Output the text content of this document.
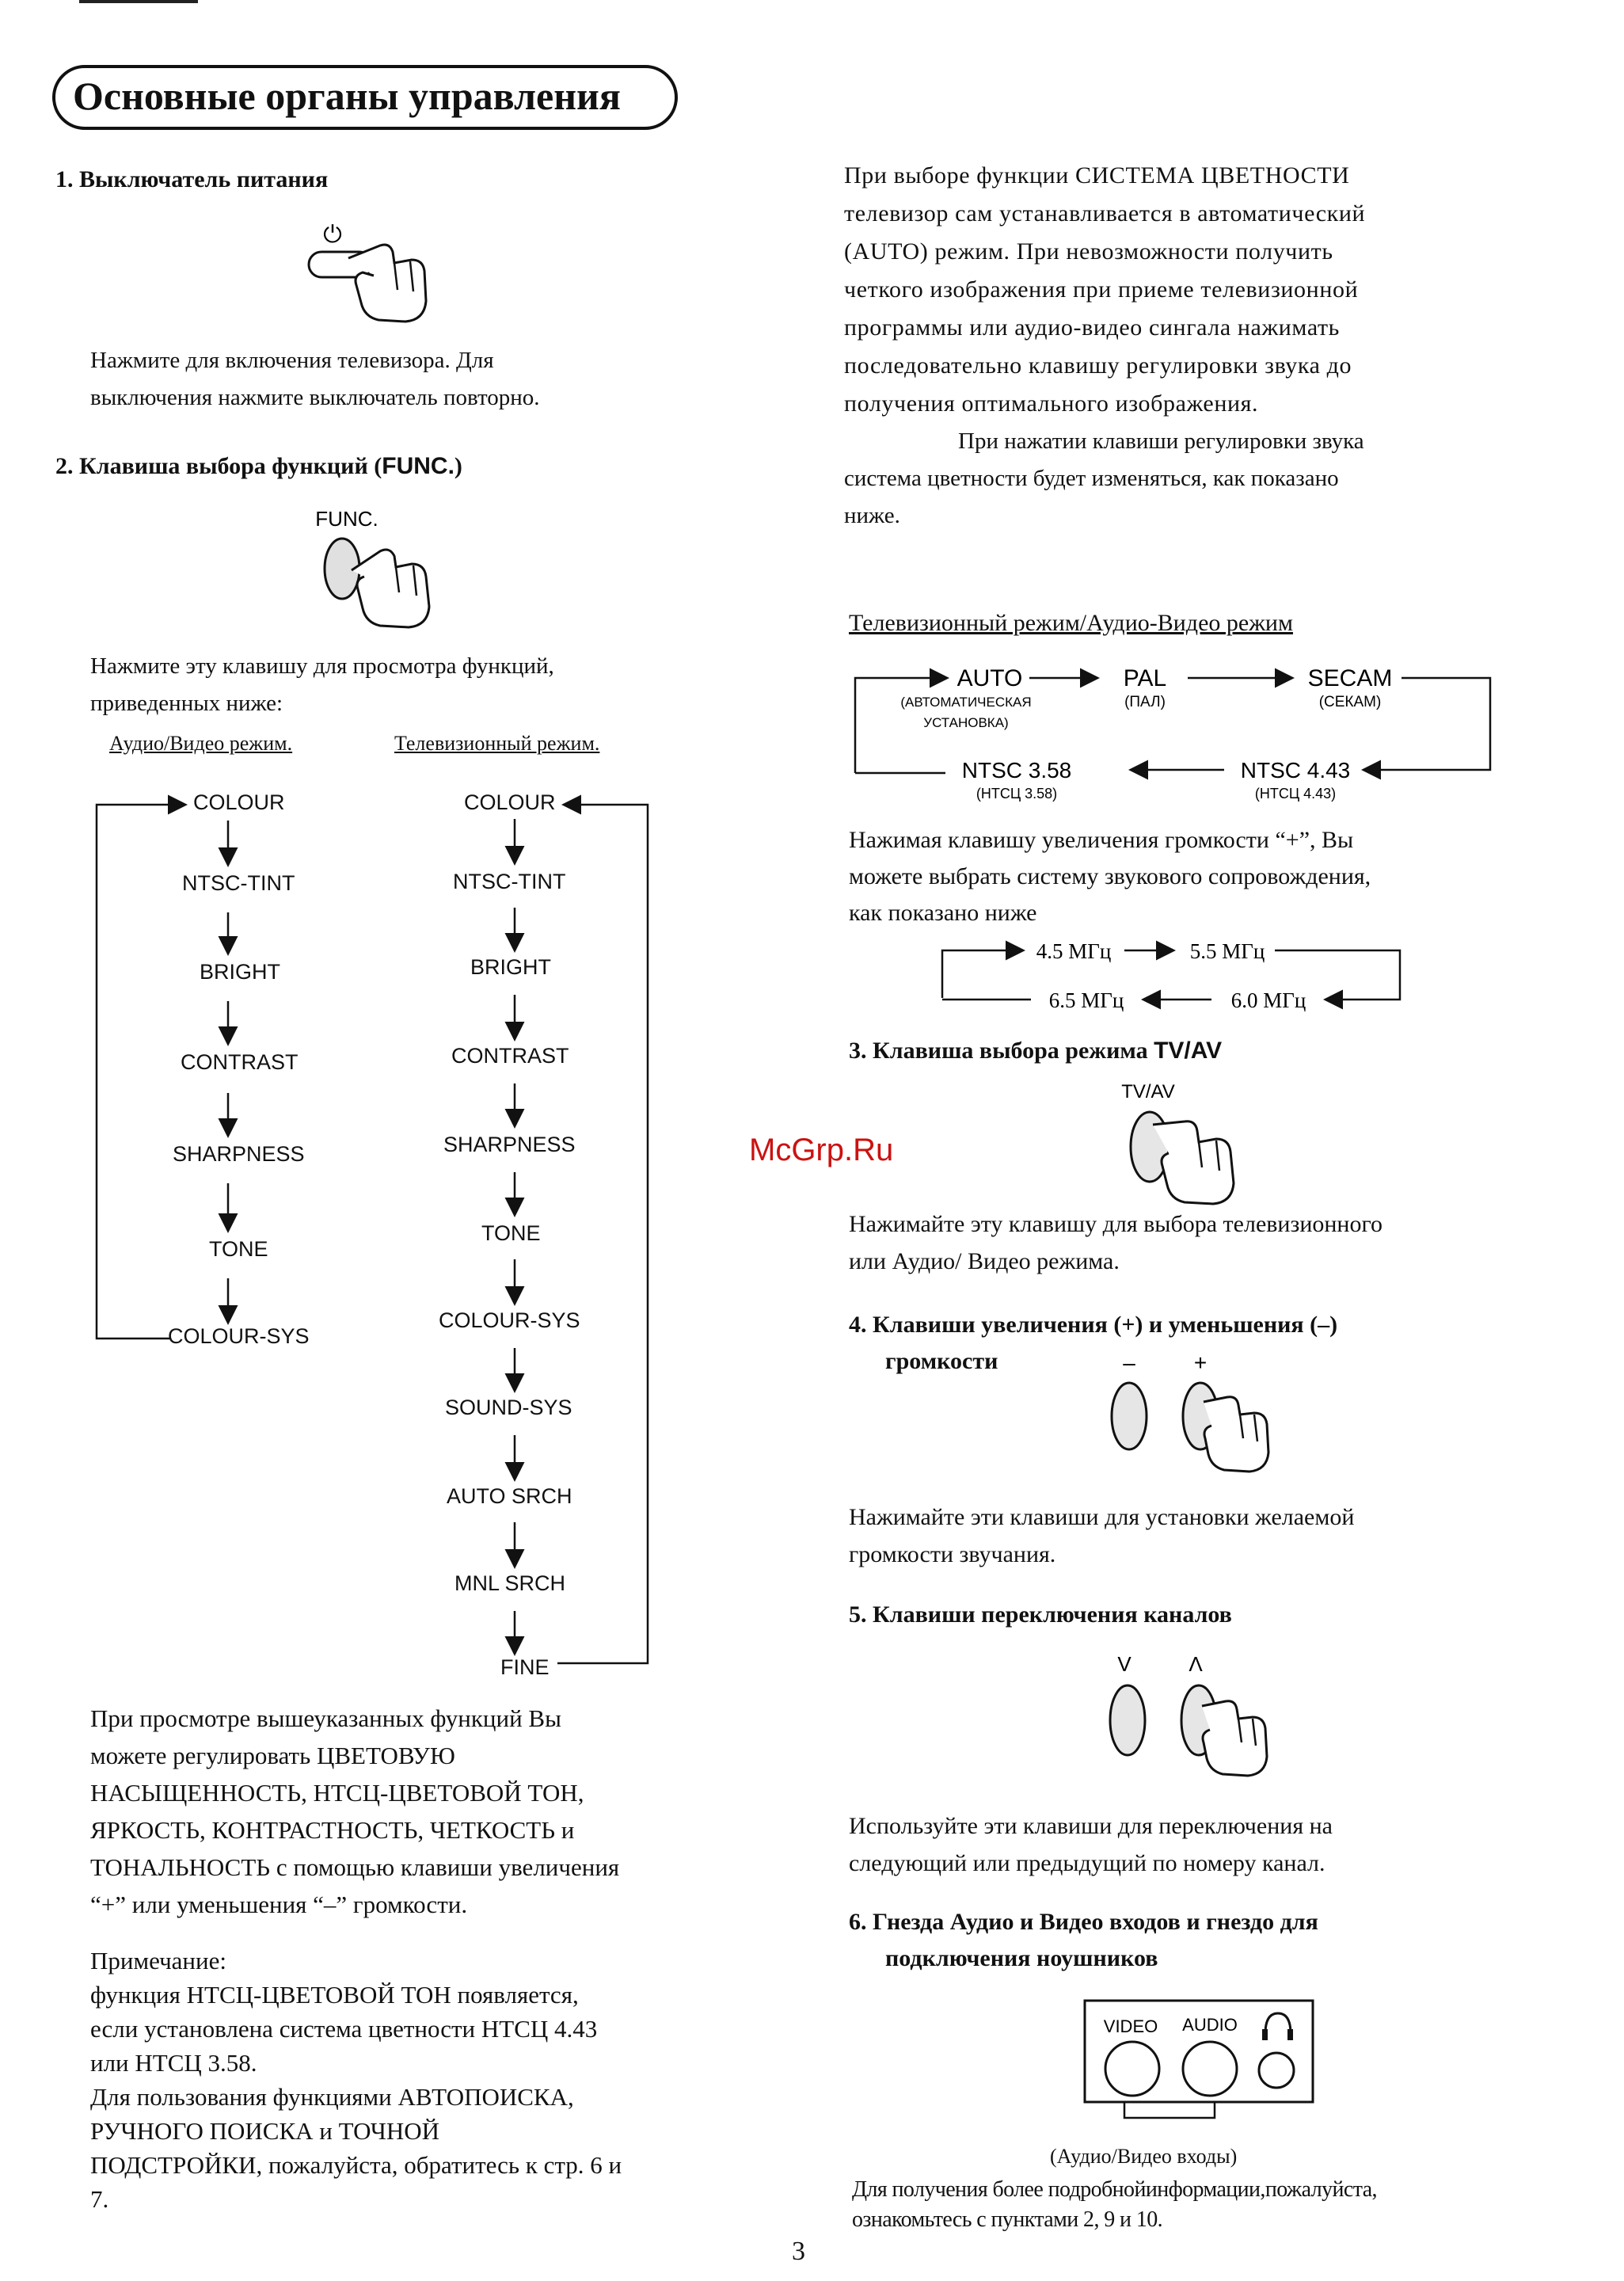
Основные органы управления
1. Выключатель питания
⏻
Нажмите для включения телевизора. Для
выключения нажмите выключатель повторно.
2. Клавиша выбора функций (FUNC.)
FUNC.
Нажмите эту клавишу для просмотра функций,
приведенных ниже:
Аудио/Видео режим.	Телевизионный режим.
COLOUR
NTSC-TINT
BRIGHT
CONTRAST
SHARPNESS
TONE
COLOUR-SYS
COLOUR
NTSC-TINT
BRIGHT
CONTRAST
SHARPNESS
TONE
COLOUR-SYS
SOUND-SYS
AUTO SRCH
MNL SRCH
FINE
При просмотре вышеуказанных функций Вы
можете регулировать ЦВЕТОВУЮ
НАСЫЩЕННОСТЬ, НТСЦ-ЦВЕТОВОЙ ТОН,
ЯРКОСТЬ, КОНТРАСТНОСТЬ, ЧЕТКОСТЬ и
ТОНАЛЬНОСТЬ с помощью клавиши увеличения
“+” или уменьшения “–” громкости.
Примечание:
функция НТСЦ-ЦВЕТОВОЙ ТОН появляется,
если установлена система цветности НТСЦ 4.43
или НТСЦ 3.58.
Для пользования функциями АВТОПОИСКА,
РУЧНОГО ПОИСКА и ТОЧНОЙ
ПОДСТРОЙКИ, пожалуйста, обратитесь к стр. 6 и
7.
При выборе функции СИСТЕМА ЦВЕТНОСТИ
телевизор сам устанавливается в автоматический
(AUTO) режим. При невозможности получить
четкого изображения при приеме телевизионной
программы или аудио-видео сингала нажимать
последовательно клавишу регулировки звука до
получения оптимального изображения.
При нажатии клавиши регулировки звука
система цветности будет изменяться, как показано
ниже.
Телевизионный режим/Аудио-Видео режим
AUTO
(АВТОМАТИЧЕСКАЯ
УСТАНОВКА)
PAL
(ПАЛ)
SECAM
(СЕКАМ)
NTSC 4.43
(НТСЦ 4.43)
NTSC 3.58
(НТСЦ 3.58)
Нажимая клавишу увеличения громкости “+”, Вы
можете выбрать систему звукового сопровождения,
как показано ниже
4.5 МГц	5.5 МГц
6.0 МГц
6.5 МГц
3. Клавиша выбора режима TV/AV
TV/AV
Нажимайте эту клавишу для выбора телевизионного
или Аудио/ Видео режима.
4. Клавиши увеличения (+) и уменьшения (–)
громкости	–	+
Нажимайте эти клавиши для установки желаемой
громкости звучания.
5. Клавиши переключения каналов
V	Λ
Используйте эти клавиши для переключения на
следующий или предыдущий по номеру канал.
6. Гнезда Аудио и Видео входов и гнездо для
подключения ноушников
VIDEO AUDIO
(Аудио/Видео входы)
Для получения более подробнойинформации,пожалуйста,
ознакомьтесь с пунктами 2, 9 и 10.
McGrp.Ru
3
